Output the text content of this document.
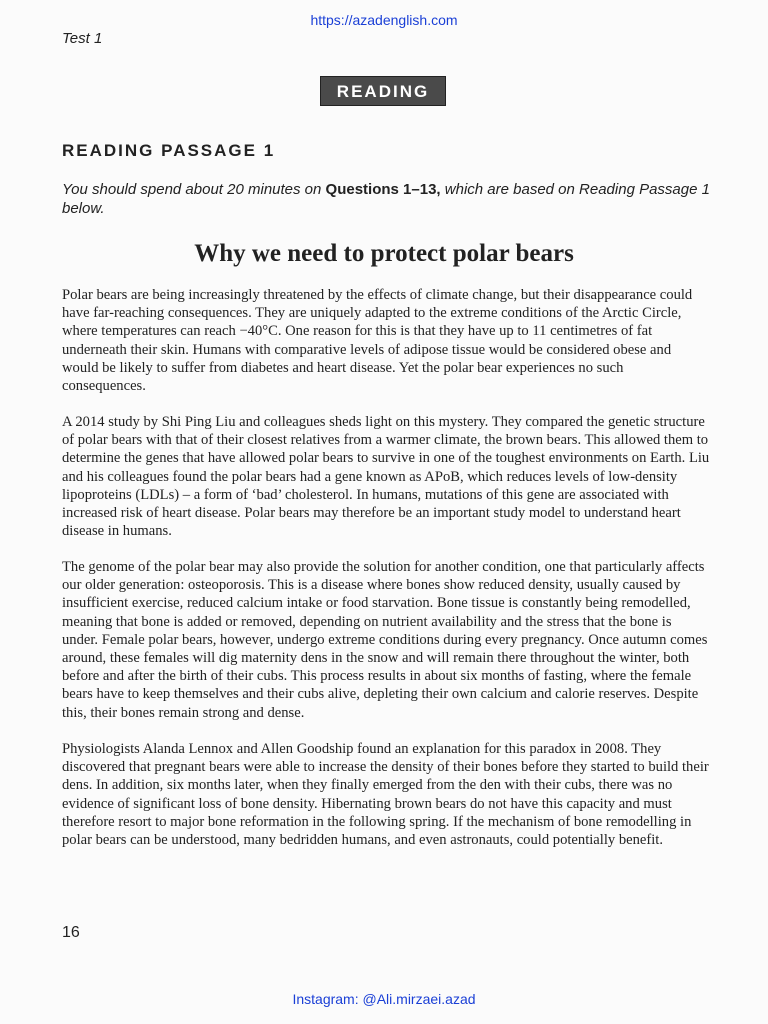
https://azadenglish.com
Test 1
READING
READING PASSAGE 1
You should spend about 20 minutes on Questions 1–13, which are based on Reading Passage 1 below.
Why we need to protect polar bears
Polar bears are being increasingly threatened by the effects of climate change, but their disappearance could have far-reaching consequences. They are uniquely adapted to the extreme conditions of the Arctic Circle, where temperatures can reach −40°C. One reason for this is that they have up to 11 centimetres of fat underneath their skin. Humans with comparative levels of adipose tissue would be considered obese and would be likely to suffer from diabetes and heart disease. Yet the polar bear experiences no such consequences.
A 2014 study by Shi Ping Liu and colleagues sheds light on this mystery. They compared the genetic structure of polar bears with that of their closest relatives from a warmer climate, the brown bears. This allowed them to determine the genes that have allowed polar bears to survive in one of the toughest environments on Earth. Liu and his colleagues found the polar bears had a gene known as APoB, which reduces levels of low-density lipoproteins (LDLs) – a form of ‘bad’ cholesterol. In humans, mutations of this gene are associated with increased risk of heart disease. Polar bears may therefore be an important study model to understand heart disease in humans.
The genome of the polar bear may also provide the solution for another condition, one that particularly affects our older generation: osteoporosis. This is a disease where bones show reduced density, usually caused by insufficient exercise, reduced calcium intake or food starvation. Bone tissue is constantly being remodelled, meaning that bone is added or removed, depending on nutrient availability and the stress that the bone is under. Female polar bears, however, undergo extreme conditions during every pregnancy. Once autumn comes around, these females will dig maternity dens in the snow and will remain there throughout the winter, both before and after the birth of their cubs. This process results in about six months of fasting, where the female bears have to keep themselves and their cubs alive, depleting their own calcium and calorie reserves. Despite this, their bones remain strong and dense.
Physiologists Alanda Lennox and Allen Goodship found an explanation for this paradox in 2008. They discovered that pregnant bears were able to increase the density of their bones before they started to build their dens. In addition, six months later, when they finally emerged from the den with their cubs, there was no evidence of significant loss of bone density. Hibernating brown bears do not have this capacity and must therefore resort to major bone reformation in the following spring. If the mechanism of bone remodelling in polar bears can be understood, many bedridden humans, and even astronauts, could potentially benefit.
16
Instagram: @Ali.mirzaei.azad
